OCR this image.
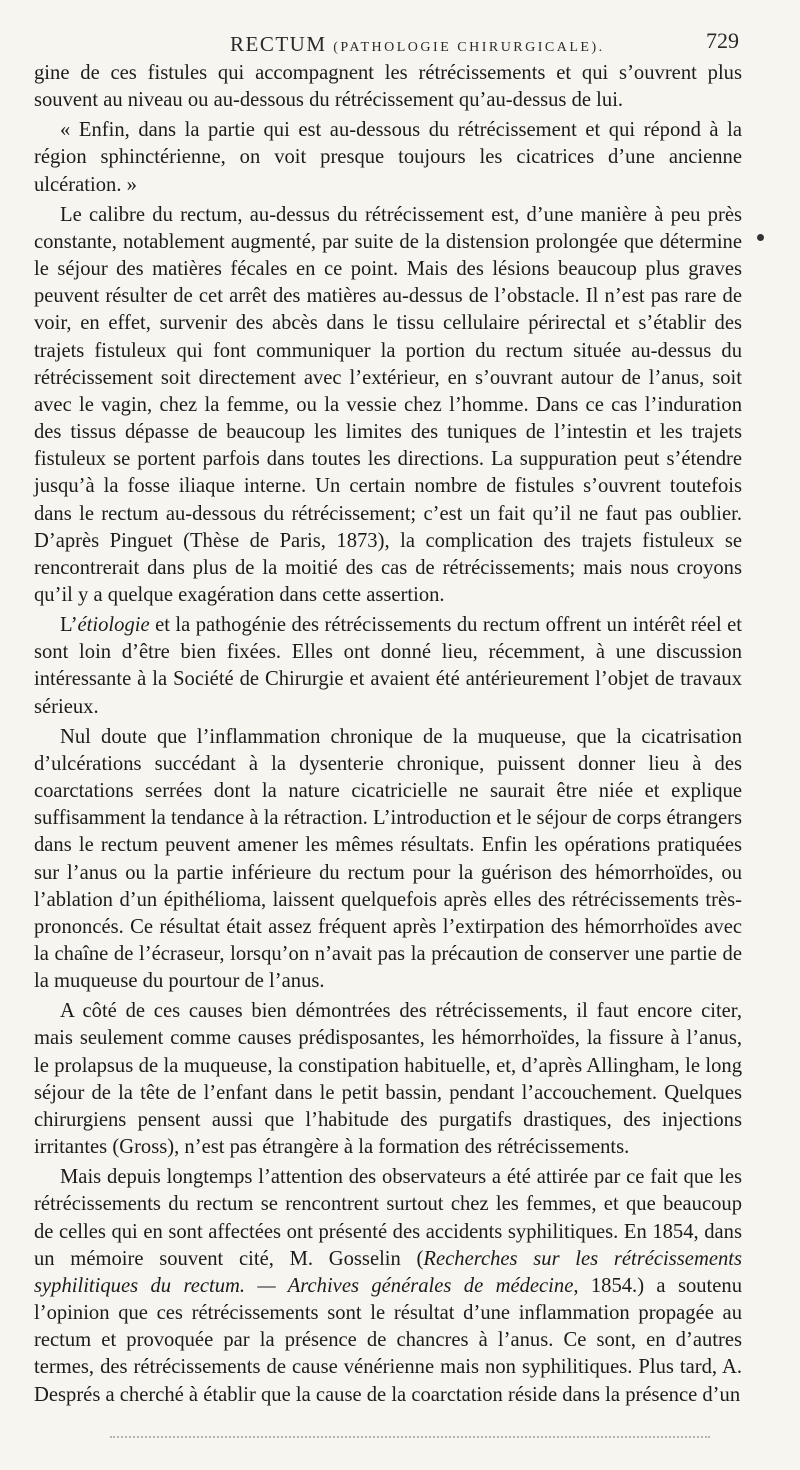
RECTUM (PATHOLOGIE CHIRURGICALE).	729

gine de ces fistules qui accompagnent les rétrécissements et qui s’ouvrent plus souvent au niveau ou au-dessous du rétrécissement qu’au-dessus de lui.

« Enfin, dans la partie qui est au-dessous du rétrécissement et qui répond à la région sphinctérienne, on voit presque toujours les cicatrices d’une ancienne ulcération. »

Le calibre du rectum, au-dessus du rétrécissement est, d’une manière à peu près constante, notablement augmenté, par suite de la distension prolongée que détermine le séjour des matières fécales en ce point. Mais des lésions beaucoup plus graves peuvent résulter de cet arrêt des matières au-dessus de l’obstacle. Il n’est pas rare de voir, en effet, survenir des abcès dans le tissu cellulaire périrectal et s’établir des trajets fistuleux qui font communiquer la portion du rectum située au-dessus du rétrécissement soit directement avec l’extérieur, en s’ouvrant autour de l’anus, soit avec le vagin, chez la femme, ou la vessie chez l’homme. Dans ce cas l’induration des tissus dépasse de beaucoup les limites des tuniques de l’intestin et les trajets fistuleux se portent parfois dans toutes les directions. La suppuration peut s’étendre jusqu’à la fosse iliaque interne. Un certain nombre de fistules s’ouvrent toutefois dans le rectum au-dessous du rétrécissement; c’est un fait qu’il ne faut pas oublier. D’après Pinguet (Thèse de Paris, 1873), la complication des trajets fistuleux se rencontrerait dans plus de la moitié des cas de rétrécissements; mais nous croyons qu’il y a quelque exagération dans cette assertion.

L’étiologie et la pathogénie des rétrécissements du rectum offrent un intérêt réel et sont loin d’être bien fixées. Elles ont donné lieu, récemment, à une discussion intéressante à la Société de Chirurgie et avaient été antérieurement l’objet de travaux sérieux.

Nul doute que l’inflammation chronique de la muqueuse, que la cicatrisation d’ulcérations succédant à la dysenterie chronique, puissent donner lieu à des coarctations serrées dont la nature cicatricielle ne saurait être niée et explique suffisamment la tendance à la rétraction. L’introduction et le séjour de corps étrangers dans le rectum peuvent amener les mêmes résultats. Enfin les opérations pratiquées sur l’anus ou la partie inférieure du rectum pour la guérison des hémorrhoïdes, ou l’ablation d’un épithélioma, laissent quelquefois après elles des rétrécissements très-prononcés. Ce résultat était assez fréquent après l’extirpation des hémorrhoïdes avec la chaîne de l’écraseur, lorsqu’on n’avait pas la précaution de conserver une partie de la muqueuse du pourtour de l’anus.

A côté de ces causes bien démontrées des rétrécissements, il faut encore citer, mais seulement comme causes prédisposantes, les hémorrhoïdes, la fissure à l’anus, le prolapsus de la muqueuse, la constipation habituelle, et, d’après Allingham, le long séjour de la tête de l’enfant dans le petit bassin, pendant l’accouchement. Quelques chirurgiens pensent aussi que l’habitude des purgatifs drastiques, des injections irritantes (Gross), n’est pas étrangère à la formation des rétrécissements.

Mais depuis longtemps l’attention des observateurs a été attirée par ce fait que les rétrécissements du rectum se rencontrent surtout chez les femmes, et que beaucoup de celles qui en sont affectées ont présenté des accidents syphilitiques. En 1854, dans un mémoire souvent cité, M. Gosselin (Recherches sur les rétrécissements syphilitiques du rectum. — Archives générales de médecine, 1854.) a soutenu l’opinion que ces rétrécissements sont le résultat d’une inflammation propagée au rectum et provoquée par la présence de chancres à l’anus. Ce sont, en d’autres termes, des rétrécissements de cause vénérienne mais non syphilitiques. Plus tard, A. Després a cherché à établir que la cause de la coarctation réside dans la présence d’un
